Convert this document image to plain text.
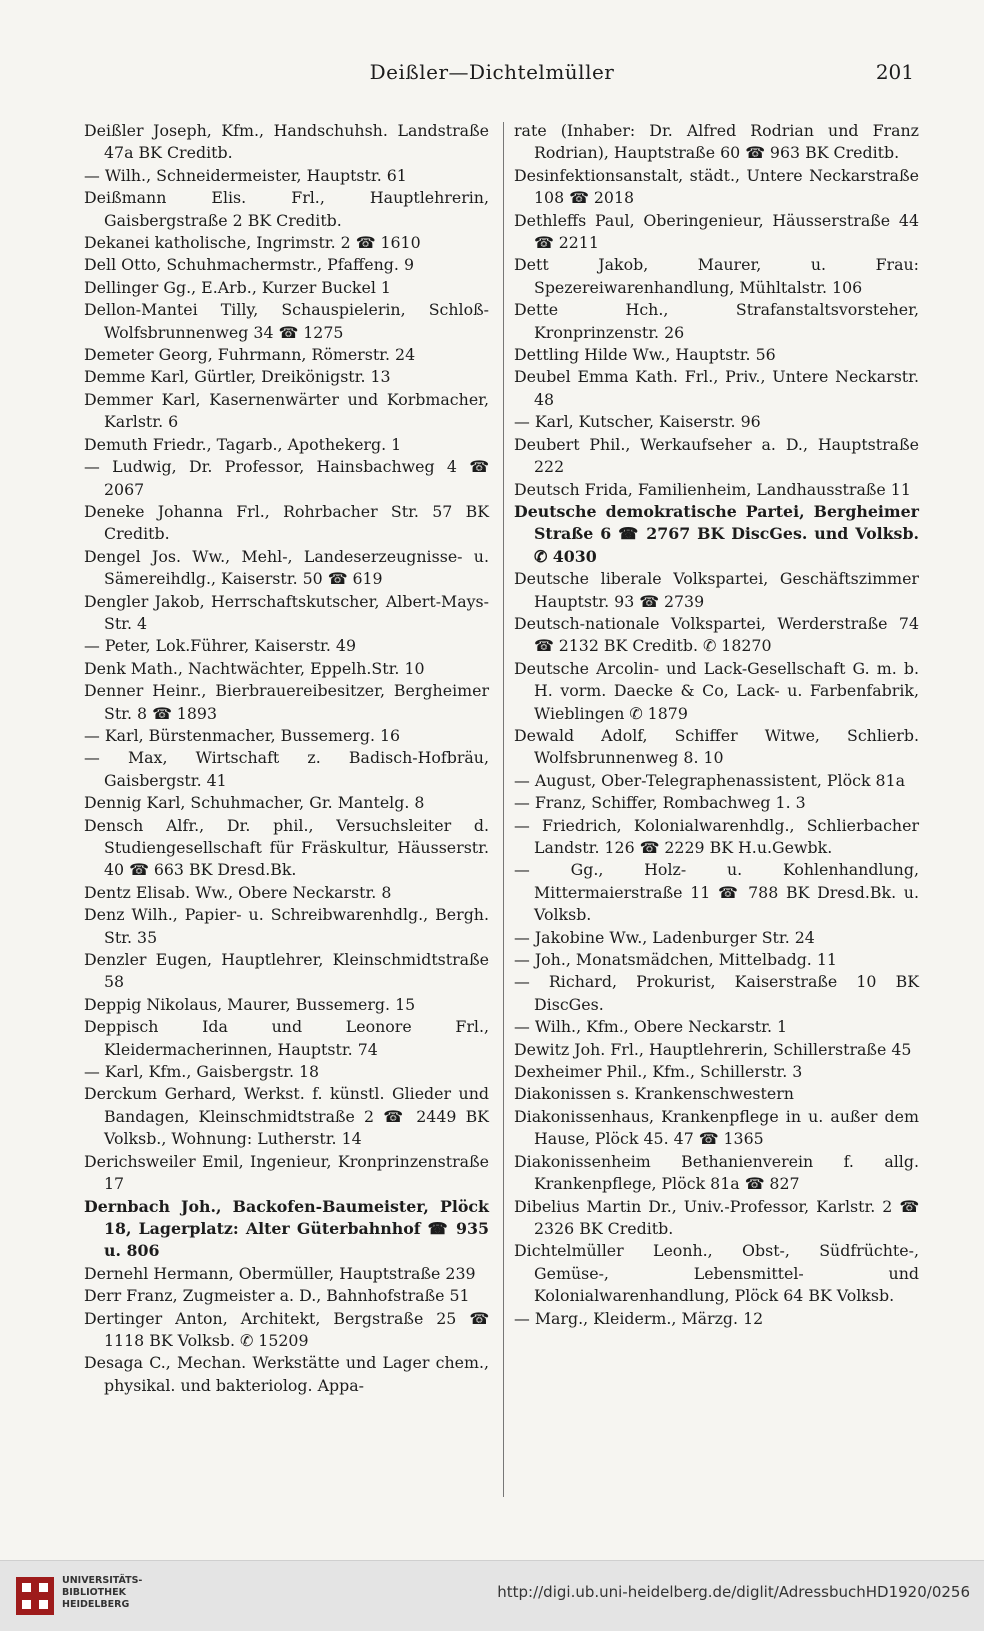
Deißler—Dichtelmüller	201
Deißler Joseph, Kfm., Handschuhsh. Landstraße 47a BK Creditb.
— Wilh., Schneidermeister, Hauptstr. 61
Deißmann Elis. Frl., Hauptlehrerin, Gaisbergstraße 2 BK Creditb.
Dekanei katholische, Ingrimstr. 2 ☎ 1610
Dell Otto, Schuhmachermstr., Pfaffeng. 9
Dellinger Gg., E.Arb., Kurzer Buckel 1
Dellon-Mantei Tilly, Schauspielerin, Schloß-Wolfsbrunnenweg 34 ☎ 1275
Demeter Georg, Fuhrmann, Römerstr. 24
Demme Karl, Gürtler, Dreikönigstr. 13
Demmer Karl, Kasernenwärter und Korbmacher, Karlstr. 6
Demuth Friedr., Tagarb., Apothekerg. 1
— Ludwig, Dr. Professor, Hainsbachweg 4 ☎ 2067
Deneke Johanna Frl., Rohrbacher Str. 57 BK Creditb.
Dengel Jos. Ww., Mehl-, Landeserzeugnisse- u. Sämereihdlg., Kaiserstr. 50 ☎ 619
Dengler Jakob, Herrschaftskutscher, Albert-Mays-Str. 4
— Peter, Lok.Führer, Kaiserstr. 49
Denk Math., Nachtwächter, Eppelh.Str. 10
Denner Heinr., Bierbrauereibesitzer, Bergheimer Str. 8 ☎ 1893
— Karl, Bürstenmacher, Bussemerg. 16
— Max, Wirtschaft z. Badisch-Hofbräu, Gaisbergstr. 41
Dennig Karl, Schuhmacher, Gr. Mantelg. 8
Densch Alfr., Dr. phil., Versuchsleiter d. Studiengesellschaft für Fräskultur, Häusserstr. 40 ☎ 663 BK Dresd.Bk.
Dentz Elisab. Ww., Obere Neckarstr. 8
Denz Wilh., Papier- u. Schreibwarenhdlg., Bergh. Str. 35
Denzler Eugen, Hauptlehrer, Kleinschmidtstraße 58
Deppig Nikolaus, Maurer, Bussemerg. 15
Deppisch Ida und Leonore Frl., Kleidermacherinnen, Hauptstr. 74
— Karl, Kfm., Gaisbergstr. 18
Derckum Gerhard, Werkst. f. künstl. Glieder und Bandagen, Kleinschmidtstraße 2 ☎ 2449 BK Volksb., Wohnung: Lutherstr. 14
Derichsweiler Emil, Ingenieur, Kronprinzenstraße 17
Dernbach Joh., Backofen-Baumeister, Plöck 18, Lagerplatz: Alter Güterbahnhof ☎ 935 u. 806
Dernehl Hermann, Obermüller, Hauptstraße 239
Derr Franz, Zugmeister a. D., Bahnhofstraße 51
Dertinger Anton, Architekt, Bergstraße 25 ☎ 1118 BK Volksb. ✆ 15209
Desaga C., Mechan. Werkstätte und Lager chem., physikal. und bakteriolog. Appa-
rate (Inhaber: Dr. Alfred Rodrian und Franz Rodrian), Hauptstraße 60 ☎ 963 BK Creditb.
Desinfektionsanstalt, städt., Untere Neckarstraße 108 ☎ 2018
Dethleffs Paul, Oberingenieur, Häusserstraße 44 ☎ 2211
Dett Jakob, Maurer, u. Frau: Spezereiwarenhandlung, Mühltalstr. 106
Dette Hch., Strafanstaltsvorsteher, Kronprinzenstr. 26
Dettling Hilde Ww., Hauptstr. 56
Deubel Emma Kath. Frl., Priv., Untere Neckarstr. 48
— Karl, Kutscher, Kaiserstr. 96
Deubert Phil., Werkaufseher a. D., Hauptstraße 222
Deutsch Frida, Familienheim, Landhausstraße 11
Deutsche demokratische Partei, Bergheimer Straße 6 ☎ 2767 BK DiscGes. und Volksb. ✆ 4030
Deutsche liberale Volkspartei, Geschäftszimmer Hauptstr. 93 ☎ 2739
Deutsch-nationale Volkspartei, Werderstraße 74 ☎ 2132 BK Creditb. ✆ 18270
Deutsche Arcolin- und Lack-Gesellschaft G. m. b. H. vorm. Daecke & Co, Lack- u. Farbenfabrik, Wieblingen ✆ 1879
Dewald Adolf, Schiffer Witwe, Schlierb. Wolfsbrunnenweg 8. 10
— August, Ober-Telegraphenassistent, Plöck 81a
— Franz, Schiffer, Rombachweg 1. 3
— Friedrich, Kolonialwarenhdlg., Schlierbacher Landstr. 126 ☎ 2229 BK H.u.Gewbk.
— Gg., Holz- u. Kohlenhandlung, Mittermaierstraße 11 ☎ 788 BK Dresd.Bk. u. Volksb.
— Jakobine Ww., Ladenburger Str. 24
— Joh., Monatsmädchen, Mittelbadg. 11
— Richard, Prokurist, Kaiserstraße 10 BK DiscGes.
— Wilh., Kfm., Obere Neckarstr. 1
Dewitz Joh. Frl., Hauptlehrerin, Schillerstraße 45
Dexheimer Phil., Kfm., Schillerstr. 3
Diakonissen s. Krankenschwestern
Diakonissenhaus, Krankenpflege in u. außer dem Hause, Plöck 45. 47 ☎ 1365
Diakonissenheim Bethanienverein f. allg. Krankenpflege, Plöck 81a ☎ 827
Dibelius Martin Dr., Univ.-Professor, Karlstr. 2 ☎ 2326 BK Creditb.
Dichtelmüller Leonh., Obst-, Südfrüchte-, Gemüse-, Lebensmittel- und Kolonialwarenhandlung, Plöck 64 BK Volksb.
— Marg., Kleiderm., Märzg. 12
UNIVERSITÄTS-
BIBLIOTHEK
HEIDELBERG
http://digi.ub.uni-heidelberg.de/diglit/AdressbuchHD1920/0256
